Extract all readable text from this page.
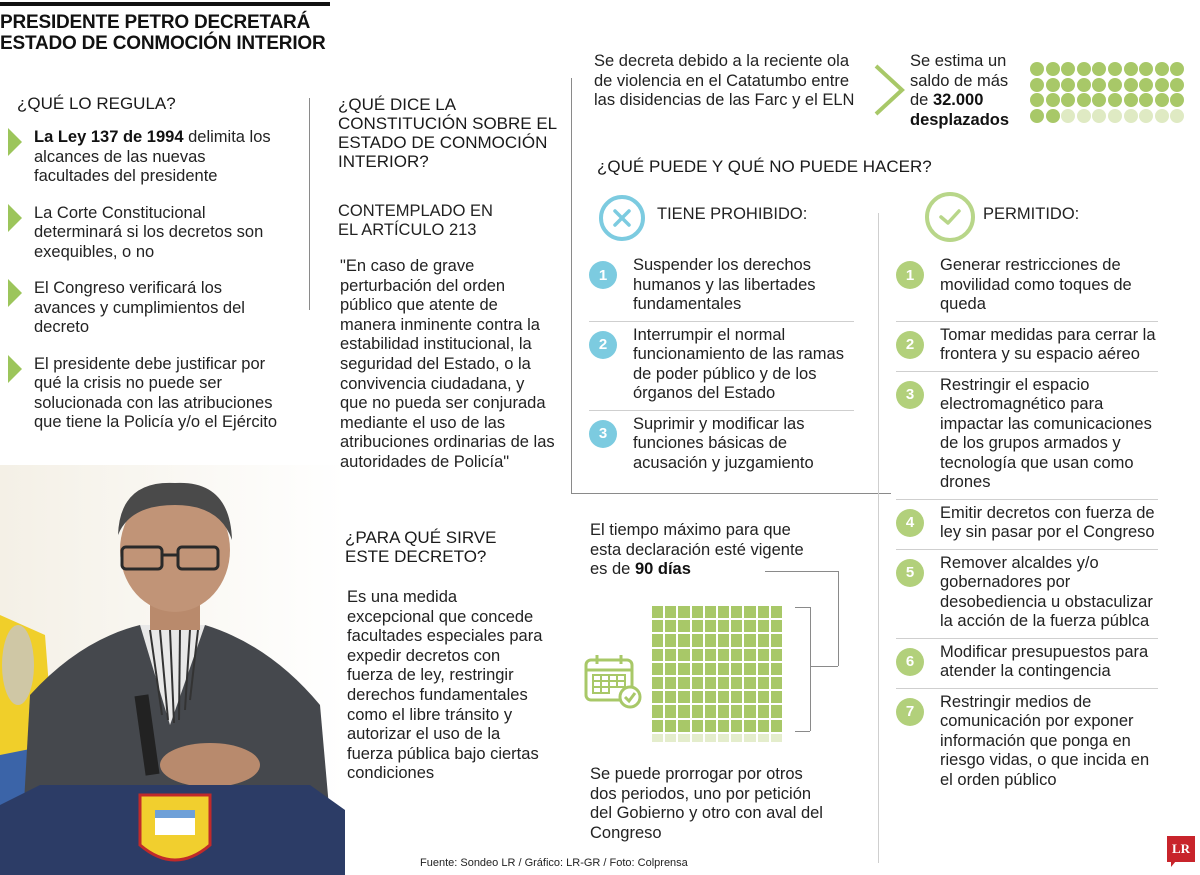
PRESIDENTE PETRO DECRETARÁ
ESTADO DE CONMOCIÓN INTERIOR
¿QUÉ LO REGULA?
La Ley 137 de 1994 delimita los alcances de las nuevas facultades del presidente
La Corte Constitucional determinará si los decretos son exequibles, o no
El Congreso verificará los avances y cumplimientos del decreto
El presidente debe justificar por qué la crisis no puede ser solucionada con las atribuciones que tiene la Policía y/o el Ejército
¿QUÉ DICE LA CONSTITUCIÓN SOBRE EL ESTADO DE CONMOCIÓN INTERIOR?
CONTEMPLADO EN
EL ARTÍCULO 213
"En caso de grave perturbación del orden público que atente de manera inminente contra la estabilidad institucional, la seguridad del Estado, o la convivencia ciudadana, y que no pueda ser conjurada mediante el uso de las atribuciones ordinarias de las autoridades de Policía"
¿PARA QUÉ SIRVE ESTE DECRETO?
Es una medida excepcional que concede facultades especiales para expedir decretos con fuerza de ley, restringir derechos fundamentales como el libre tránsito y autorizar el uso de la fuerza pública bajo ciertas condiciones
Se decreta debido a la reciente ola de violencia en el Catatumbo entre las disidencias de las Farc y el ELN
Se estima un saldo de más de 32.000 desplazados
¿QUÉ PUEDE Y QUÉ NO PUEDE HACER?
TIENE PROHIBIDO:	PERMITIDO:
1
Suspender los derechos humanos y las libertades fundamentales
2
Interrumpir el normal funcionamiento de las ramas de poder público y de los órganos del Estado
3
Suprimir y modificar las funciones básicas de acusación y juzgamiento
1
Generar restricciones de movilidad como toques de queda
2
Tomar medidas para cerrar la frontera y su espacio aéreo
3
Restringir el espacio electromagnético para impactar las comunicaciones de los grupos armados y tecnología que usan como drones
4
Emitir decretos con fuerza de ley sin pasar por el Congreso
5
Remover alcaldes y/o gobernadores por desobediencia u obstaculizar la acción de la fuerza públca
6
Modificar presupuestos para atender la contingencia
7
Restringir medios de comunicación por exponer información que ponga en riesgo vidas, o que incida en el orden público
El tiempo máximo para que esta declaración esté vigente es de 90 días
Se puede prorrogar por otros dos periodos, uno por petición del Gobierno y otro con aval del Congreso
Fuente: Sondeo LR / Gráfico: LR-GR / Foto: Colprensa
LR
